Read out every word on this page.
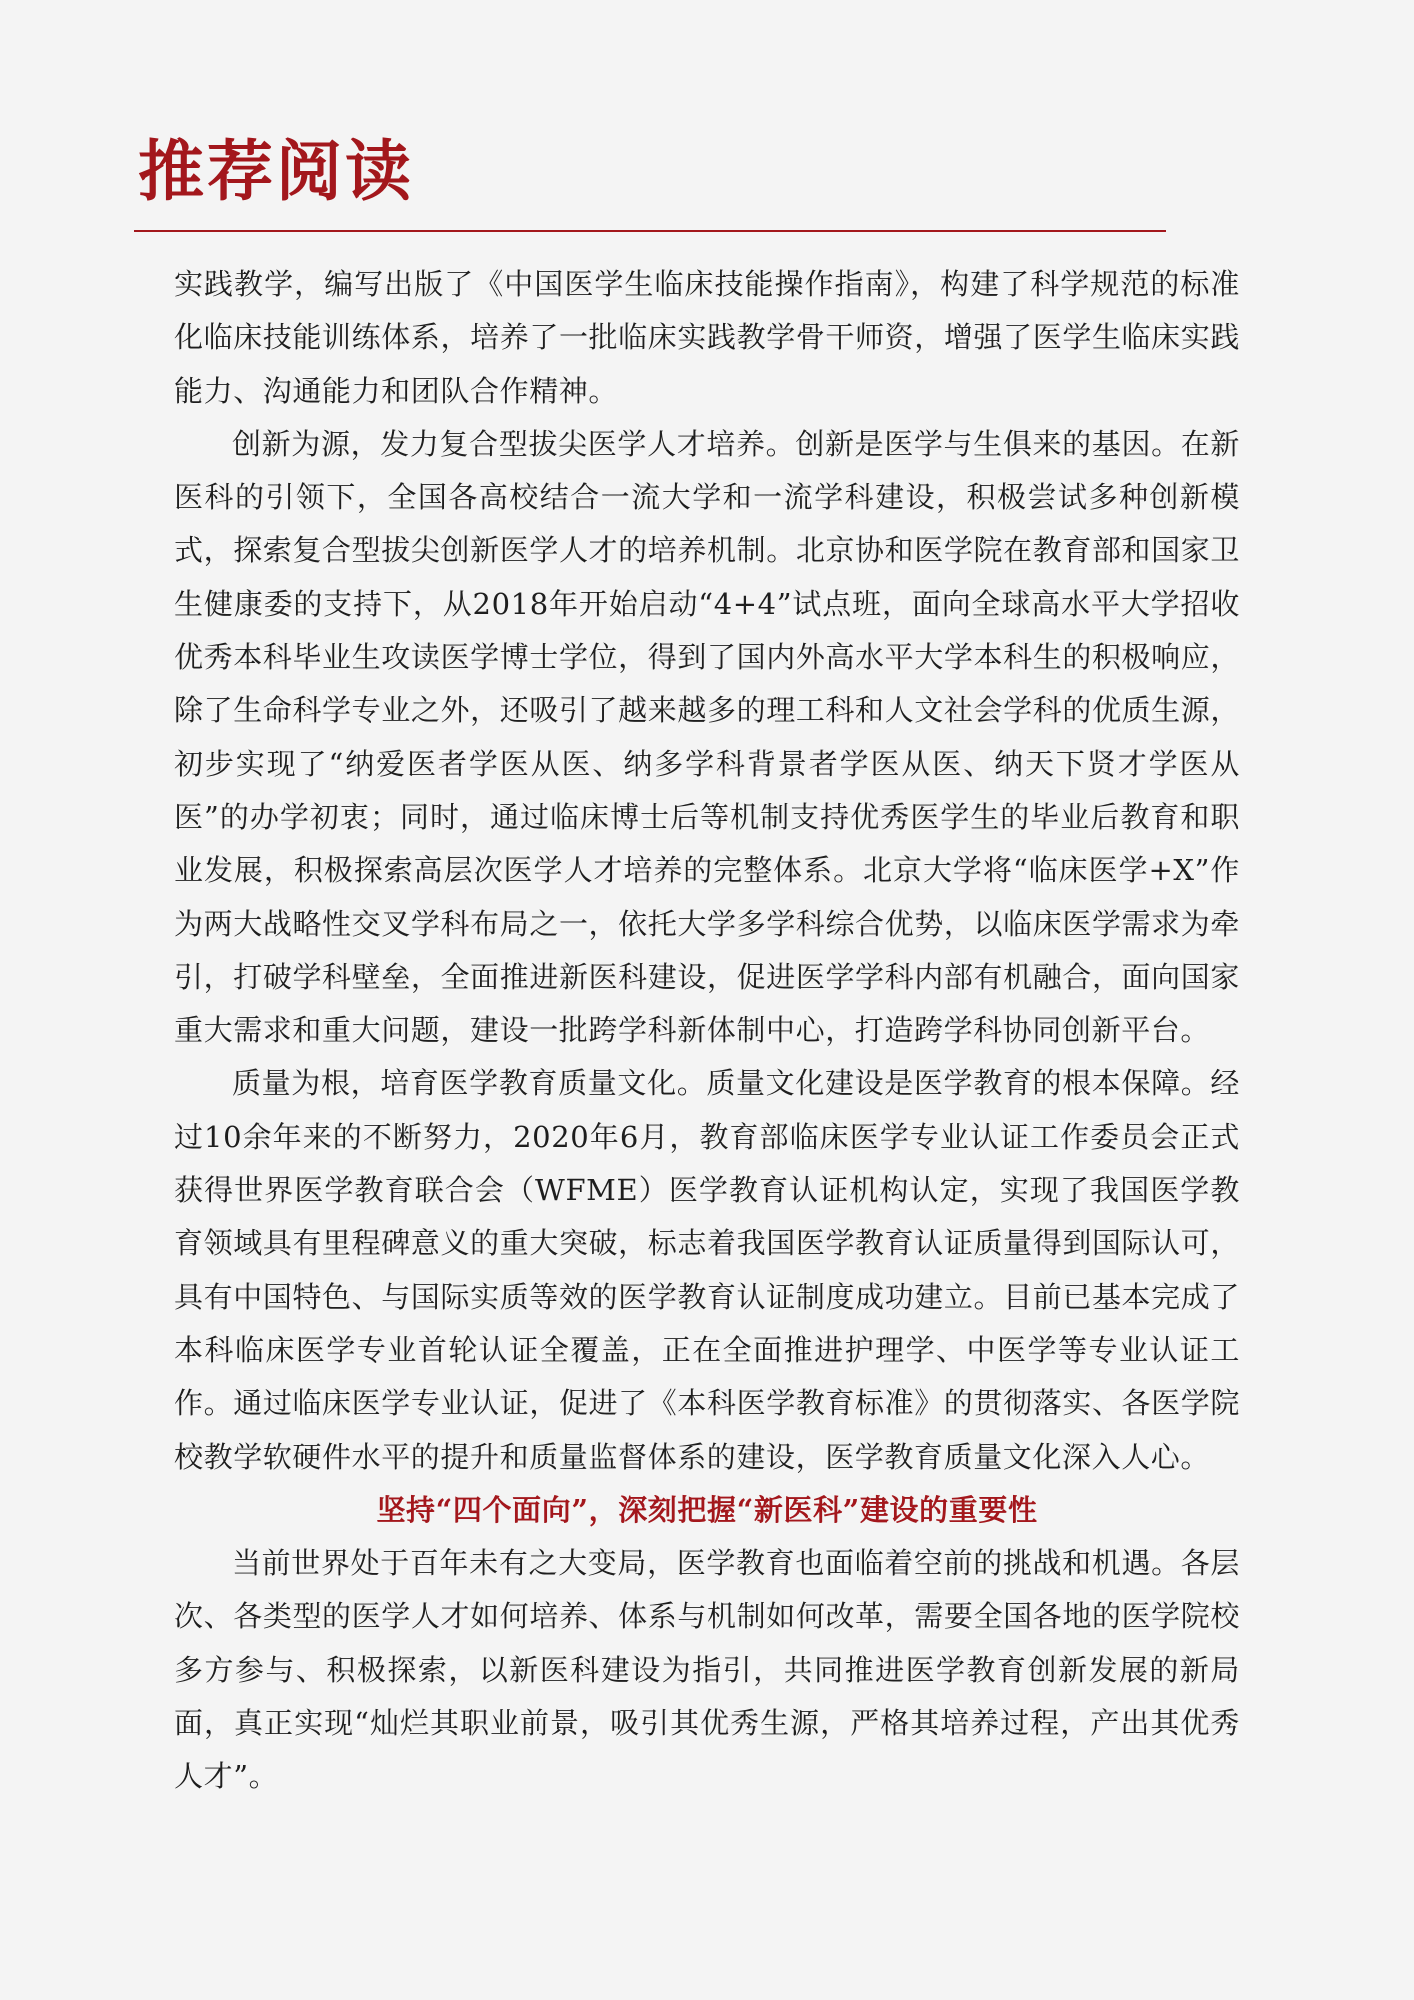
推荐阅读

实践教学，编写出版了《中国医学生临床技能操作指南》，构建了科学规范的标准化临床技能训练体系，培养了一批临床实践教学骨干师资，增强了医学生临床实践能力、沟通能力和团队合作精神。

创新为源，发力复合型拔尖医学人才培养。创新是医学与生俱来的基因。在新医科的引领下，全国各高校结合一流大学和一流学科建设，积极尝试多种创新模式，探索复合型拔尖创新医学人才的培养机制。北京协和医学院在教育部和国家卫生健康委的支持下，从2018年开始启动“4+4”试点班，面向全球高水平大学招收优秀本科毕业生攻读医学博士学位，得到了国内外高水平大学本科生的积极响应，除了生命科学专业之外，还吸引了越来越多的理工科和人文社会学科的优质生源，初步实现了“纳爱医者学医从医、纳多学科背景者学医从医、纳天下贤才学医从医”的办学初衷；同时，通过临床博士后等机制支持优秀医学生的毕业后教育和职业发展，积极探索高层次医学人才培养的完整体系。北京大学将“临床医学+X”作为两大战略性交叉学科布局之一，依托大学多学科综合优势，以临床医学需求为牵引，打破学科壁垒，全面推进新医科建设，促进医学学科内部有机融合，面向国家重大需求和重大问题，建设一批跨学科新体制中心，打造跨学科协同创新平台。

质量为根，培育医学教育质量文化。质量文化建设是医学教育的根本保障。经过10余年来的不断努力，2020年6月，教育部临床医学专业认证工作委员会正式获得世界医学教育联合会（WFME）医学教育认证机构认定，实现了我国医学教育领域具有里程碑意义的重大突破，标志着我国医学教育认证质量得到国际认可，具有中国特色、与国际实质等效的医学教育认证制度成功建立。目前已基本完成了本科临床医学专业首轮认证全覆盖，正在全面推进护理学、中医学等专业认证工作。通过临床医学专业认证，促进了《本科医学教育标准》的贯彻落实、各医学院校教学软硬件水平的提升和质量监督体系的建设，医学教育质量文化深入人心。

坚持“四个面向”，深刻把握“新医科”建设的重要性

当前世界处于百年未有之大变局，医学教育也面临着空前的挑战和机遇。各层次、各类型的医学人才如何培养、体系与机制如何改革，需要全国各地的医学院校多方参与、积极探索，以新医科建设为指引，共同推进医学教育创新发展的新局面，真正实现“灿烂其职业前景，吸引其优秀生源，严格其培养过程，产出其优秀人才”。
